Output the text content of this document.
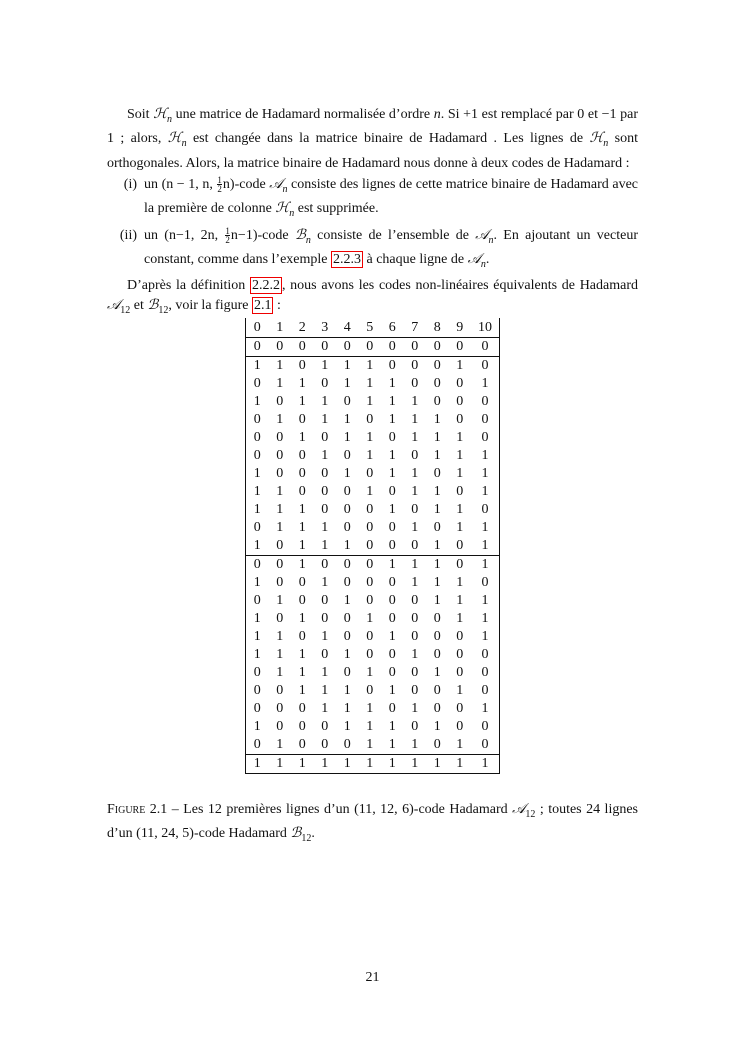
Soit ℋ$_n$ une matrice de Hadamard normalisée d’ordre n. Si +1 est remplacé par 0 et −1 par 1 ; alors, ℋ$_n$ est changée dans la matrice binaire de Hadamard . Les lignes de ℋ$_n$ sont orthogonales. Alors, la matrice binaire de Hadamard nous donne à deux codes de Hadamard :

(i) un (n − 1, n, $\frac{1}{2}$ n)-code 𝒜$_n$ consiste des lignes de cette matrice binaire de Hadamard avec la première de colonne ℋ$_n$ est supprimée.
(ii) un (n−1, 2n, $\frac{1}{2}$ n−1)-code ℬ$_n$ consiste de l’ensemble de 𝒜$_n$. En ajoutant un vecteur constant, comme dans l’exemple 2.2.3 à chaque ligne de 𝒜$_n$.

D’après la définition 2.2.2 , nous avons les codes non-linéaires équivalents de Hadamard 𝒜$_{12}$ et ℬ$_{12}$, voir la figure 2.1 :

0	1	2	3	4	5	6	7	8	9	10
0	0	0	0	0	0	0	0	0	0	0
1	1	0	1	1	1	0	0	0	1	0
0	1	1	0	1	1	1	0	0	0	1
1	0	1	1	0	1	1	1	0	0	0
0	1	0	1	1	0	1	1	1	0	0
0	0	1	0	1	1	0	1	1	1	0
0	0	0	1	0	1	1	0	1	1	1
1	0	0	0	1	0	1	1	0	1	1
1	1	0	0	0	1	0	1	1	0	1
1	1	1	0	0	0	1	0	1	1	0
0	1	1	1	0	0	0	1	0	1	1
1	0	1	1	1	0	0	0	1	0	1
0	0	1	0	0	0	1	1	1	0	1
1	0	0	1	0	0	0	1	1	1	0
0	1	0	0	1	0	0	0	1	1	1
1	0	1	0	0	1	0	0	0	1	1
1	1	0	1	0	0	1	0	0	0	1
1	1	1	0	1	0	0	1	0	0	0
0	1	1	1	0	1	0	0	1	0	0
0	0	1	1	1	0	1	0	0	1	0
0	0	0	1	1	1	0	1	0	0	1
1	0	0	0	1	1	1	0	1	0	0
0	1	0	0	0	1	1	1	0	1	0
1	1	1	1	1	1	1	1	1	1	1
Figure 2.1 – Les 12 premières lignes d’un (11, 12, 6)-code Hadamard 𝒜$_{12}$ ; toutes 24 lignes d’un (11, 24, 5)-code Hadamard ℬ$_{12}$.
21
